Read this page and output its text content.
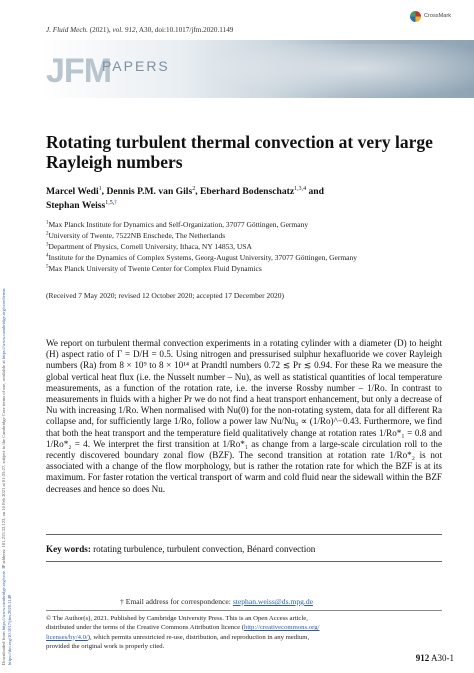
Downloaded from https://www.cambridge.org/core. IP address: 181.215.32.123, on 16 Feb 2021 at 01:35:27, subject to the Cambridge Core terms of use, available at https://www.cambridge.org/core/terms
https://doi.org/10.1017/jfm.2020.1149
J. Fluid Mech. (2021), vol. 912, A30, doi:10.1017/jfm.2020.1149
CrossMark
J FM
PAPERS
Rotating turbulent thermal convection at very large Rayleigh numbers
Marcel Wedi$^1$, Dennis P.M. van Gils$^2$, Eberhard Bodenschatz$^{1,3,4}$ and
Stephan Weiss$^{1,5,\dagger}$
$^1$Max Planck Institute for Dynamics and Self-Organization, 37077 Göttingen, Germany
$^2$University of Twente, 7522NB Enschede, The Netherlands
$^3$Department of Physics, Cornell University, Ithaca, NY 14853, USA
$^4$Institute for the Dynamics of Complex Systems, Georg-August University, 37077 Göttingen, Germany
$^5$Max Planck University of Twente Center for Complex Fluid Dynamics
(Received 7 May 2020; revised 12 October 2020; accepted 17 December 2020)

We report on turbulent thermal convection experiments in a rotating cylinder with a diameter (D) to height (H) aspect ratio of Γ = D/H = 0.5. Using nitrogen and pressurised sulphur hexafluoride we cover Rayleigh numbers (Ra) from 8 × 10⁹ to 8 × 10¹⁴ at Prandtl numbers 0.72 ≲ Pr ≲ 0.94. For these Ra we measure the global vertical heat flux (i.e. the Nusselt number – Nu), as well as statistical quantities of local temperature measurements, as a function of the rotation rate, i.e. the inverse Rossby number – 1/Ro. In contrast to measurements in fluids with a higher Pr we do not find a heat transport enhancement, but only a decrease of Nu with increasing 1/Ro. When normalised with Nu(0) for the non-rotating system, data for all different Ra collapse and, for sufficiently large 1/Ro, follow a power law Nu/Nu₀ ∝ (1/Ro)^−0.43. Furthermore, we find that both the heat transport and the temperature field qualitatively change at rotation rates 1/Ro*₁ = 0.8 and 1/Ro*₂ = 4. We interpret the first transition at 1/Ro*₁ as change from a large-scale circulation roll to the recently discovered boundary zonal flow (BZF). The second transition at rotation rate 1/Ro*₂ is not associated with a change of the flow morphology, but is rather the rotation rate for which the BZF is at its maximum. For faster rotation the vertical transport of warm and cold fluid near the sidewall within the BZF decreases and hence so does Nu.

Key words: rotating turbulence, turbulent convection, Bénard convection
† Email address for correspondence: stephan.weiss@ds.mpg.de
© The Author(s), 2021. Published by Cambridge University Press. This is an Open Access article,
distributed under the terms of the Creative Commons Attribution licence (http://creativecommons.org/
licenses/by/4.0/), which permits unrestricted re-use, distribution, and reproduction in any medium,
provided the original work is properly cited.
912 A30-1
